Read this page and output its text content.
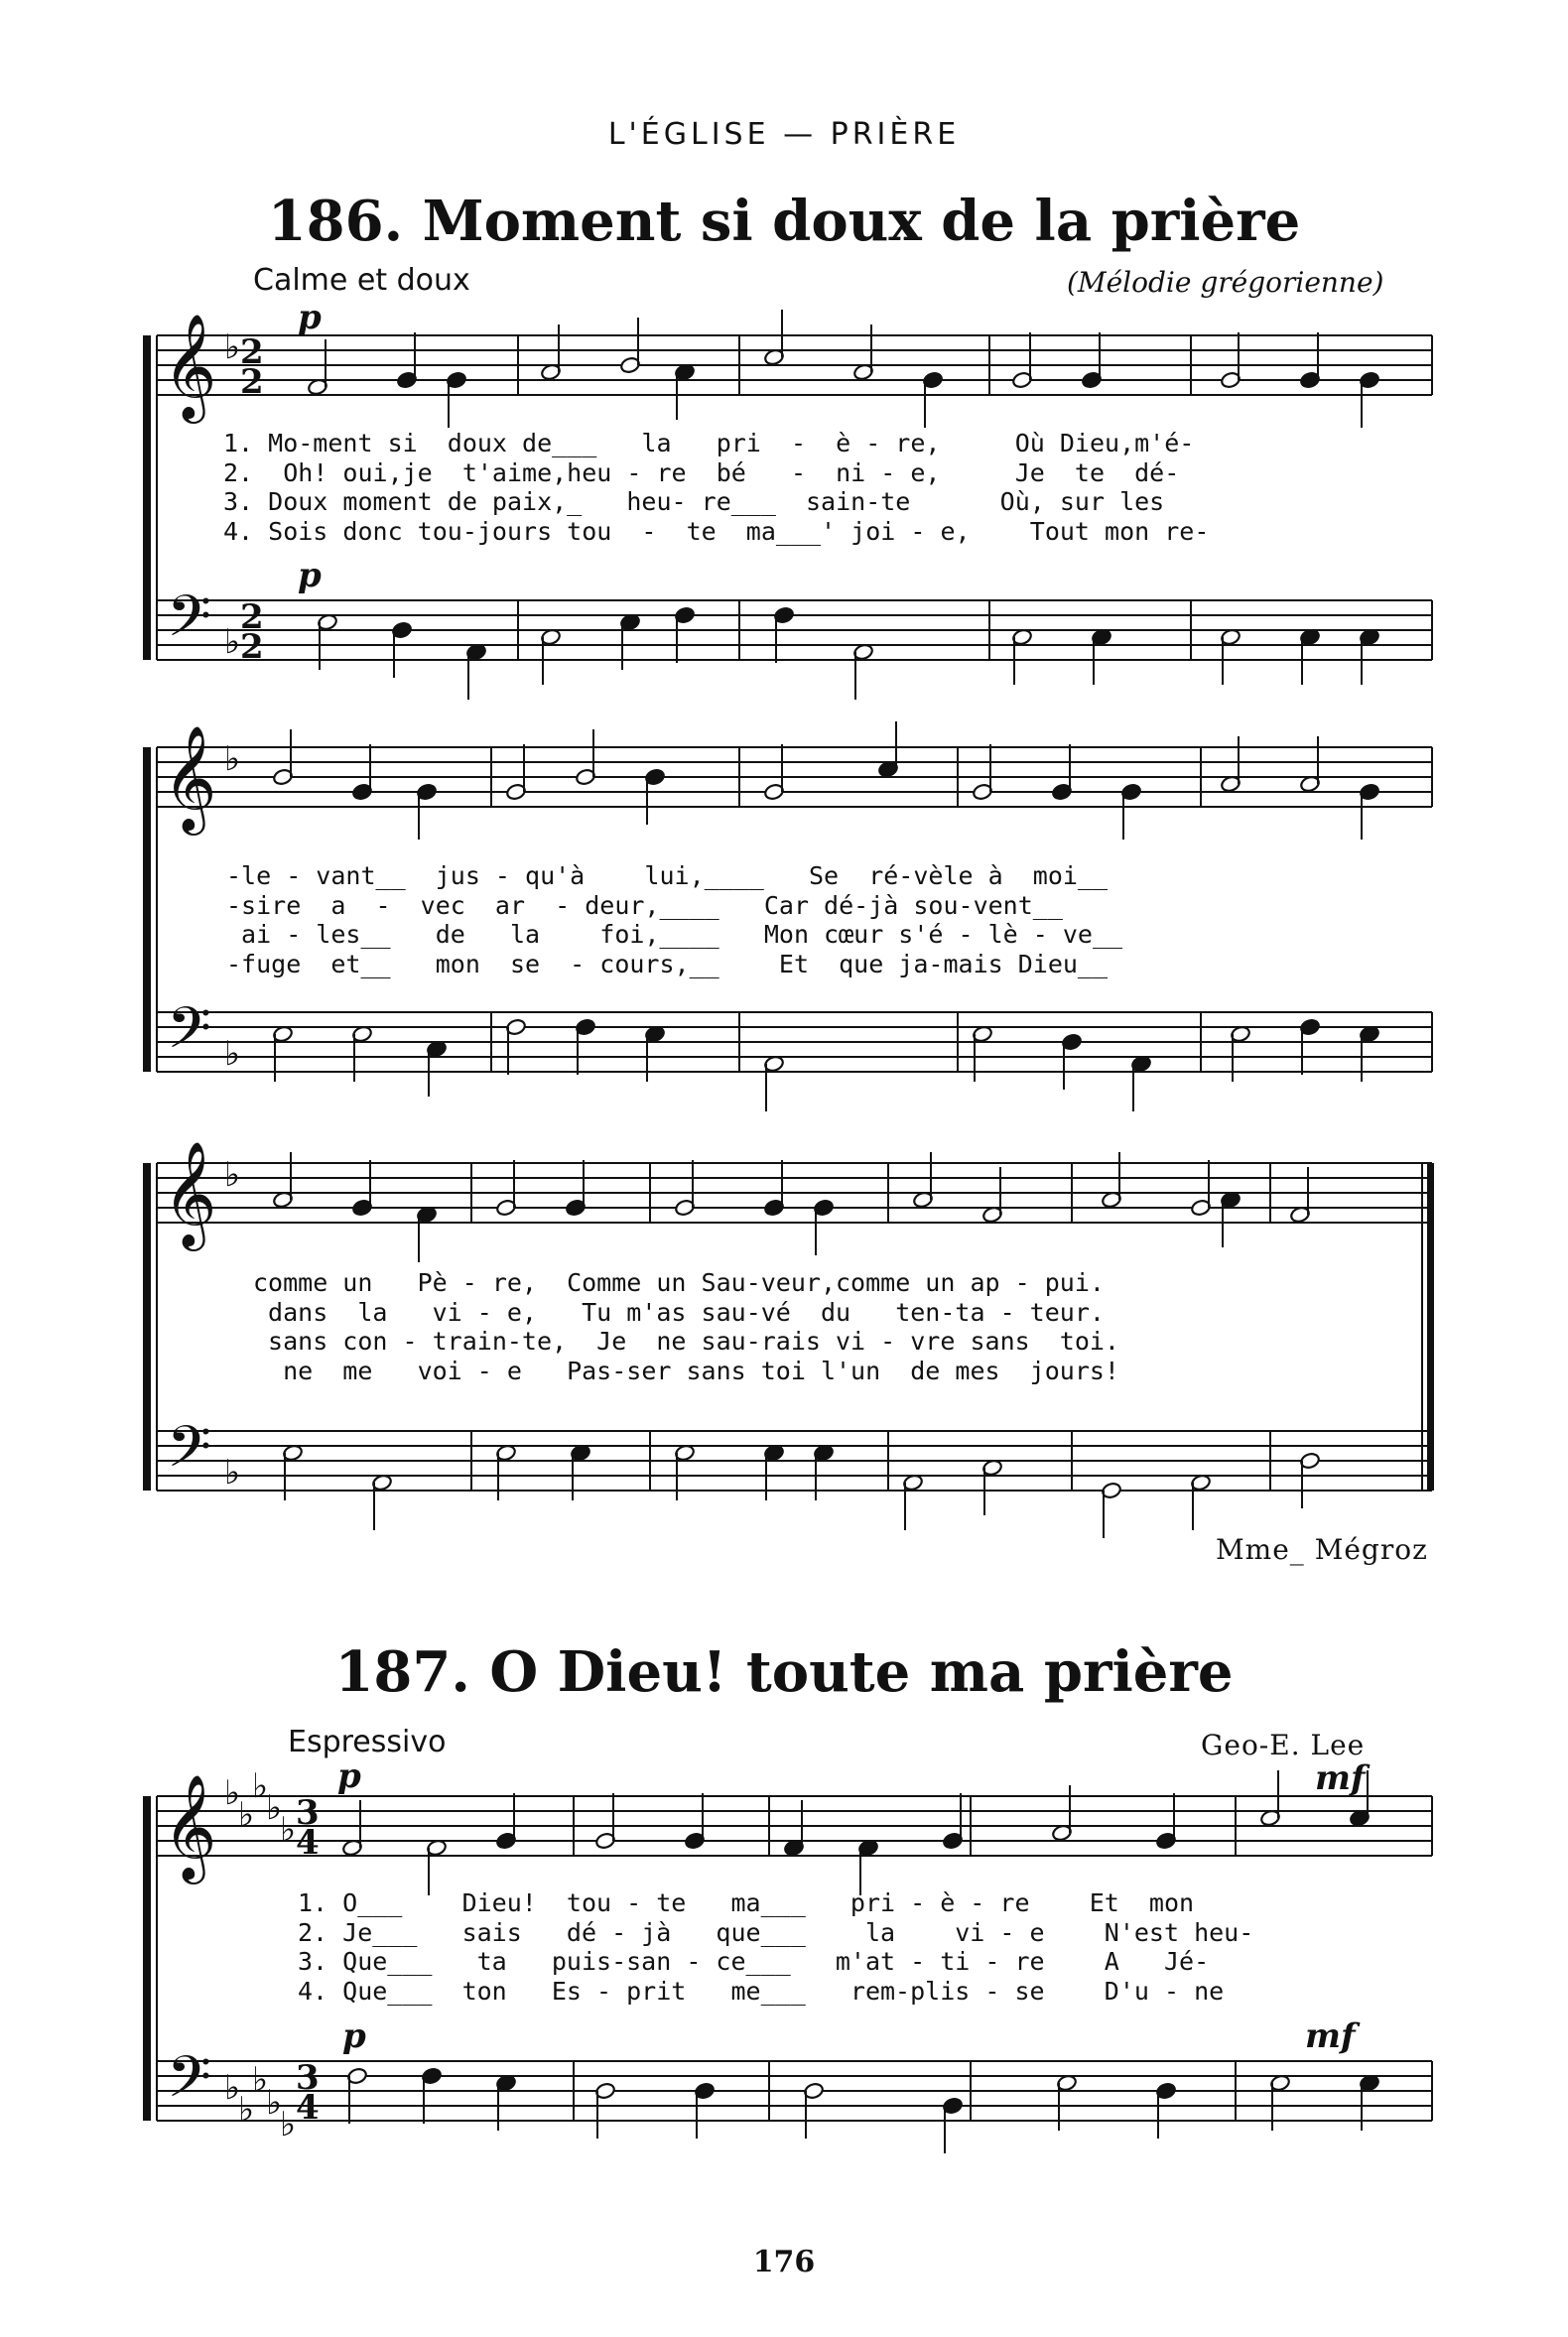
L'ÉGLISE — PRIÈRE
186. Moment si doux de la prière
Calme et doux	(Mélodie grégorienne)
p
p
1. Mo-ment si  doux de___   la   pri  -  è - re,     Où Dieu,m'é-
2.  Oh! oui,je  t'aime,heu - re  bé   -  ni - e,     Je  te  dé-
3. Doux moment de paix,_   heu- re___  sain-te      Où, sur les
4. Sois donc tou-jours tou  -  te  ma___' joi - e,    Tout mon re-
-le - vant__  jus - qu'à    lui,____   Se  ré-vèle à  moi__
-sire  a  -  vec  ar  - deur,____   Car dé-jà sou-vent__
ai - les__   de   la    foi,____   Mon cœur s'é - lè - ve__
-fuge  et__   mon  se  - cours,__    Et  que ja-mais Dieu__
comme un   Pè - re,  Comme un Sau-veur,comme un ap - pui.
dans  la   vi - e,   Tu m'as sau-vé  du   ten-ta - teur.
sans con - train-te,  Je  ne sau-rais vi - vre sans  toi.
ne  me   voi - e   Pas-ser sans toi l'un  de mes  jours!
Mme_ Mégroz
187. O Dieu! toute ma prière
Espressivo	Geo-E. Lee
p	mf
p	mf
1. O___    Dieu!  tou - te   ma___   pri - è - re    Et  mon
2. Je___   sais   dé - jà   que___    la    vi - e    N'est heu-
3. Que___   ta   puis-san - ce___   m'at - ti - re    A   Jé-
4. Que___  ton   Es - prit   me___   rem-plis - se    D'u - ne
176
𝄞
𝄢
♭
♭
2
2
2
2
𝄞
𝄢
♭
♭
𝄞
𝄢
♭
♭
𝄞
𝄢
♭
♭
♭
♭
♭
♭
♭
♭
♭
♭
3
4
3
4
